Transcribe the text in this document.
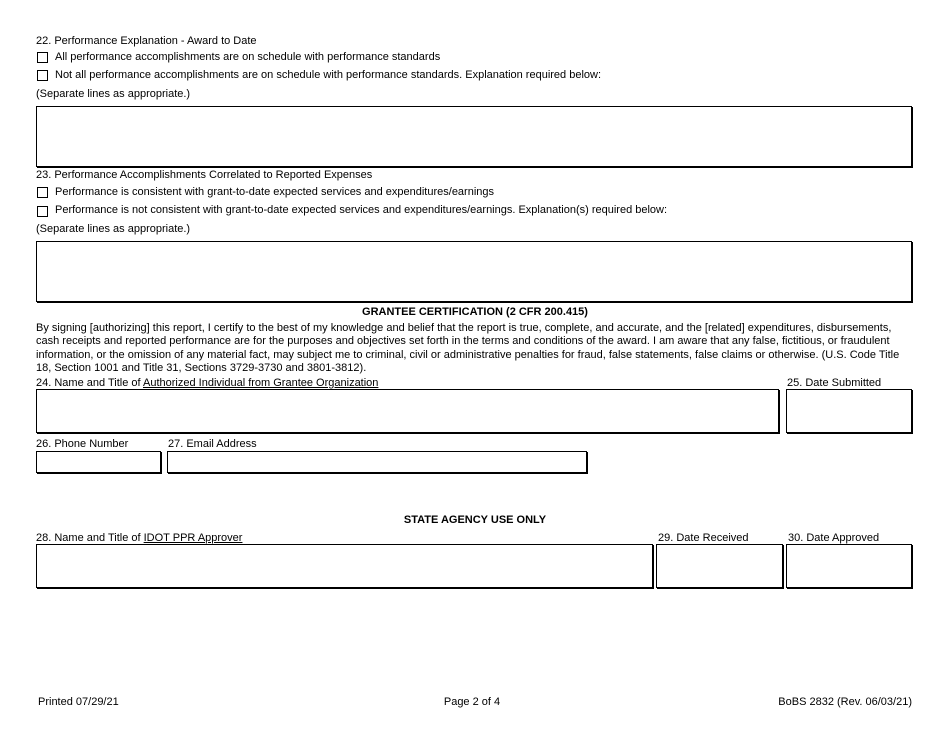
22. Performance Explanation - Award to Date
All performance accomplishments are on schedule with performance standards
Not all performance accomplishments are on schedule with performance standards. Explanation required below:
(Separate lines as appropriate.)
23. Performance Accomplishments Correlated to Reported Expenses
Performance is consistent with grant-to-date expected services and expenditures/earnings
Performance is not consistent with grant-to-date expected services and expenditures/earnings. Explanation(s) required below:
(Separate lines as appropriate.)
GRANTEE CERTIFICATION (2 CFR 200.415)
By signing [authorizing] this report, I certify to the best of my knowledge and belief that the report is true, complete, and accurate, and the [related] expenditures, disbursements, cash receipts and reported performance are for the purposes and objectives set forth in the terms and conditions of the award. I am aware that any false, fictitious, or fraudulent information, or the omission of any material fact, may subject me to criminal, civil or administrative penalties for fraud, false statements, false claims or otherwise. (U.S. Code Title 18, Section 1001 and Title 31, Sections 3729-3730 and 3801-3812).
24. Name and Title of Authorized Individual from Grantee Organization	25. Date Submitted
26. Phone Number	27. Email Address
STATE AGENCY USE ONLY
28. Name and Title of IDOT PPR Approver	29. Date Received	30. Date Approved
Printed 07/29/21	Page 2 of 4	BoBS 2832 (Rev. 06/03/21)
